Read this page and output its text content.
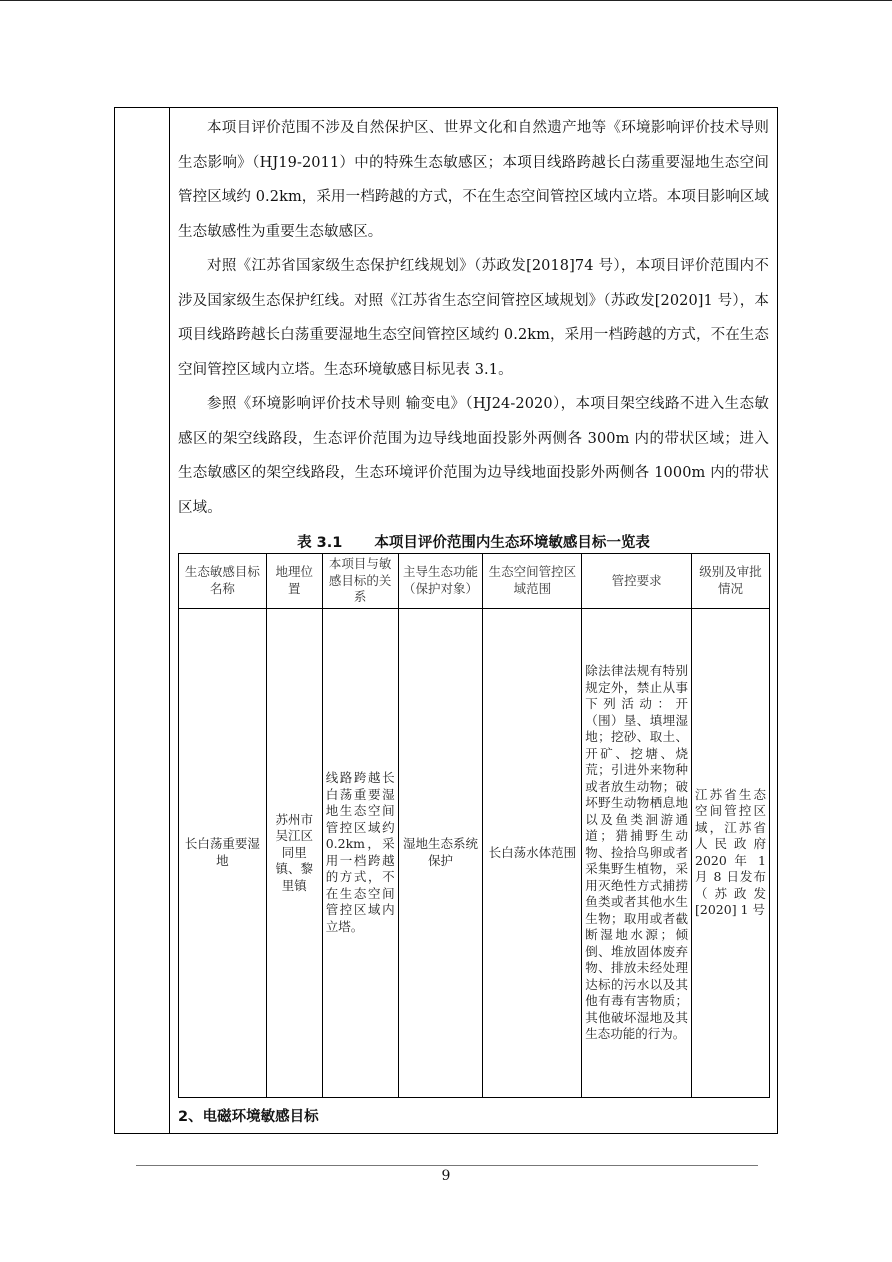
本项目评价范围不涉及自然保护区、世界文化和自然遗产地等《环境影响评价技术导则 生态影响》（HJ19-2011）中的特殊生态敏感区；本项目线路跨越长白荡重要湿地生态空间管控区域约 0.2km，采用一档跨越的方式，不在生态空间管控区域内立塔。本项目影响区域生态敏感性为重要生态敏感区。

对照《江苏省国家级生态保护红线规划》（苏政发[2018]74 号），本项目评价范围内不涉及国家级生态保护红线。对照《江苏省生态空间管控区域规划》（苏政发[2020]1 号），本项目线路跨越长白荡重要湿地生态空间管控区域约 0.2km，采用一档跨越的方式，不在生态空间管控区域内立塔。生态环境敏感目标见表 3.1。

参照《环境影响评价技术导则 输变电》（HJ24-2020），本项目架空线路不进入生态敏感区的架空线路段，生态评价范围为边导线地面投影外两侧各 300m 内的带状区域；进入生态敏感区的架空线路段，生态环境评价范围为边导线地面投影外两侧各 1000m 内的带状区域。

表 3.1 本项目评价范围内生态环境敏感目标一览表
生态敏感目标名称	地理位置	本项目与敏感目标的关系	主导生态功能（保护对象）	生态空间管控区域范围	管控要求	级别及审批情况
长白荡重要湿地	苏州市吴江区同里镇、黎里镇	线路跨越长白荡重要湿地生态空间管控区域约0.2km，采用一档跨越的方式，不在生态空间管控区域内立塔。	湿地生态系统保护	长白荡水体范围	除法律法规有特别规定外，禁止从事下列活动：开（围）垦、填埋湿地；挖砂、取土、开矿、挖塘、烧荒；引进外来物种或者放生动物；破坏野生动物栖息地以及鱼类洄游通道；猎捕野生动物、捡拾鸟卵或者采集野生植物，采用灭绝性方式捕捞鱼类或者其他水生生物；取用或者截断湿地水源；倾倒、堆放固体废弃物、排放未经处理达标的污水以及其他有毒有害物质；其他破坏湿地及其生态功能的行为。	江苏省生态空间管控区域，江苏省人民政府 2020 年 1 月 8 日发布（苏政发[2020] 1 号
2、电磁环境敏感目标
9
